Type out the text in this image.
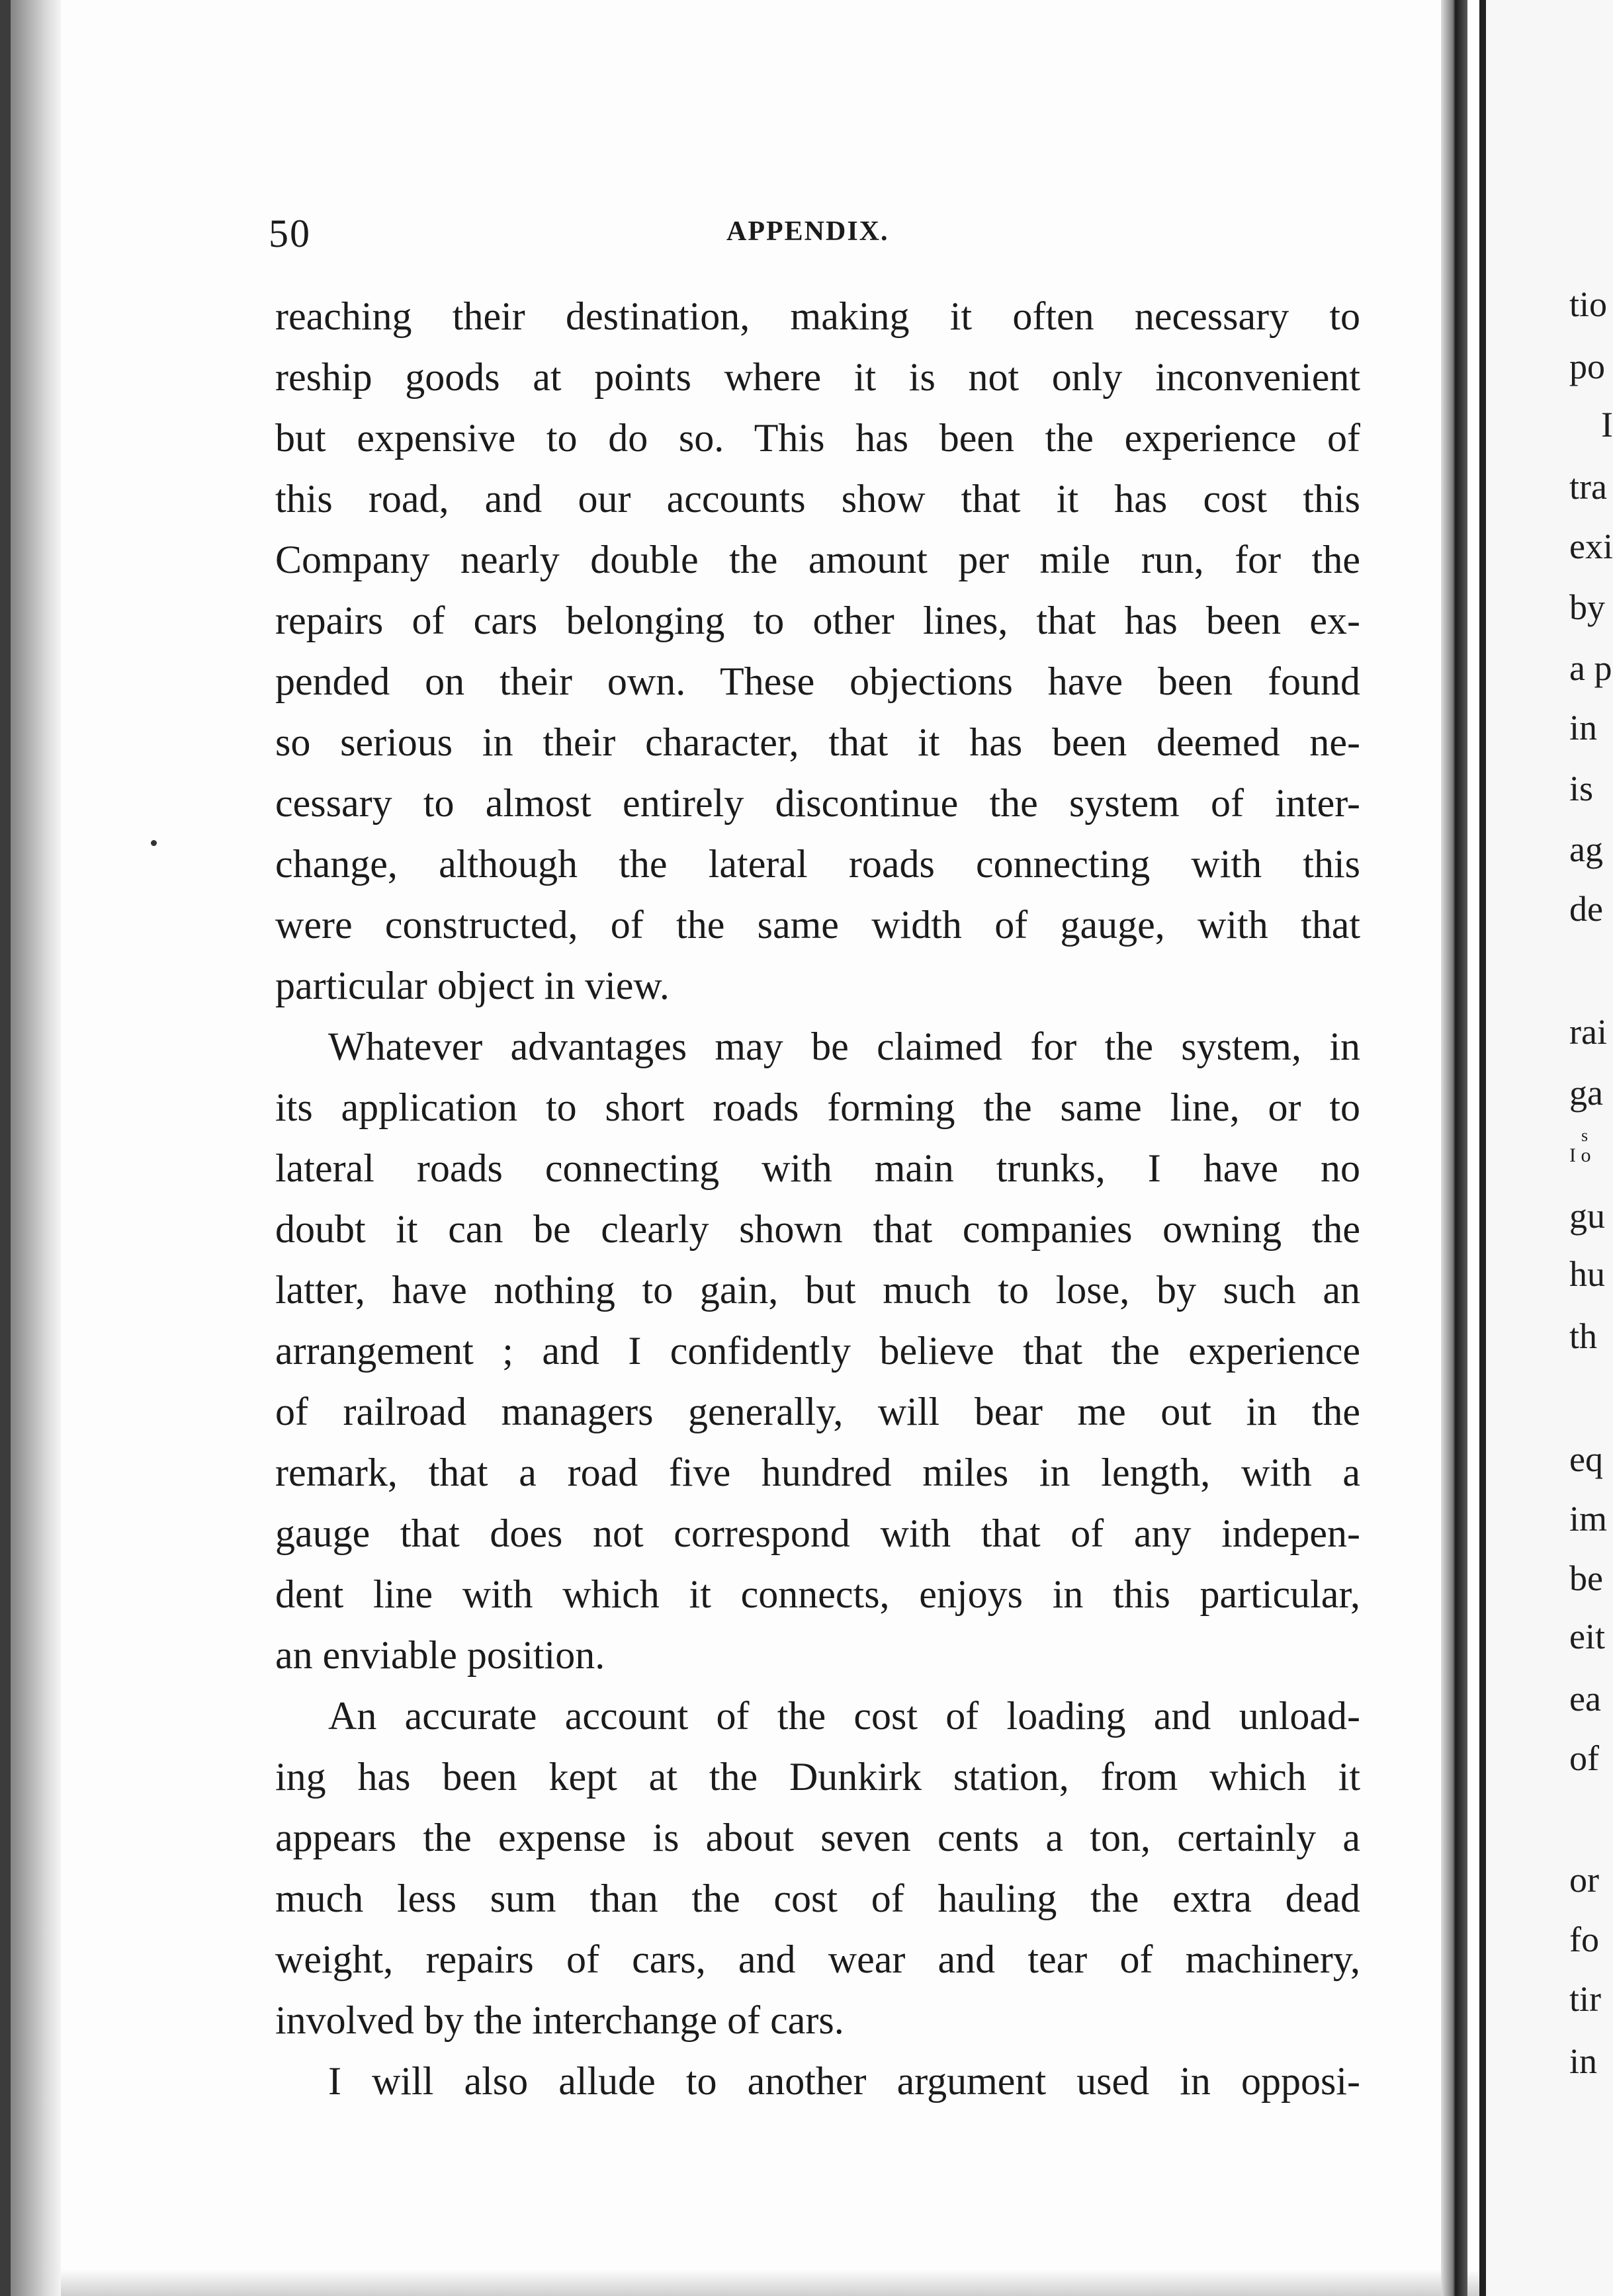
50	APPENDIX.
reaching their destination, making it often necessary to
reship goods at points where it is not only inconvenient
but expensive to do so. This has been the experience of
this road, and our accounts show that it has cost this
Company nearly double the amount per mile run, for the
repairs of cars belonging to other lines, that has been ex-
pended on their own. These objections have been found
so serious in their character, that it has been deemed ne-
cessary to almost entirely discontinue the system of inter-
change, although the lateral roads connecting with this
were constructed, of the same width of gauge, with that
particular object in view.
Whatever advantages may be claimed for the system, in
its application to short roads forming the same line, or to
lateral roads connecting with main trunks, I have no
doubt it can be clearly shown that companies owning the
latter, have nothing to gain, but much to lose, by such an
arrangement ; and I confidently believe that the experience
of railroad managers generally, will bear me out in the
remark, that a road five hundred miles in length, with a
gauge that does not correspond with that of any indepen-
dent line with which it connects, enjoys in this particular,
an enviable position.
An accurate account of the cost of loading and unload-
ing has been kept at the Dunkirk station, from which it
appears the expense is about seven cents a ton, certainly a
much less sum than the cost of hauling the extra dead
weight, repairs of cars, and wear and tear of machinery,
involved by the interchange of cars.
I will also allude to another argument used in opposi-
tio
po
I
tra
exi
by
a p
in
is
ag
de
rai
ga
s
I o
gu
hu
th
eq
im
be
eit
ea
of
or
fo
tir
in
